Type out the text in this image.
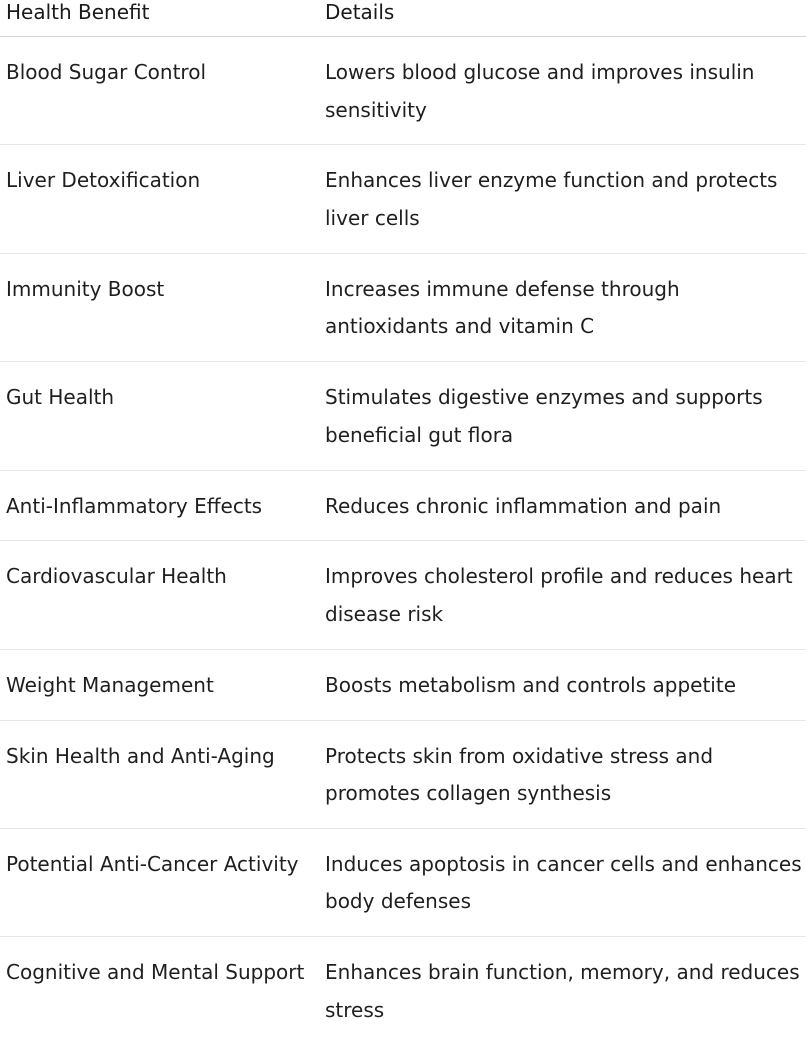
Health Benefit	Details
Blood Sugar Control	Lowers blood glucose and improves insulin sensitivity
Liver Detoxification	Enhances liver enzyme function and protects liver cells
Immunity Boost	Increases immune defense through antioxidants and vitamin C
Gut Health	Stimulates digestive enzymes and supports beneficial gut flora
Anti-Inflammatory Effects	Reduces chronic inflammation and pain
Cardiovascular Health	Improves cholesterol profile and reduces heart disease risk
Weight Management	Boosts metabolism and controls appetite
Skin Health and Anti-Aging	Protects skin from oxidative stress and promotes collagen synthesis
Potential Anti-Cancer Activity	Induces apoptosis in cancer cells and enhances body defenses
Cognitive and Mental Support	Enhances brain function, memory, and reduces stress
